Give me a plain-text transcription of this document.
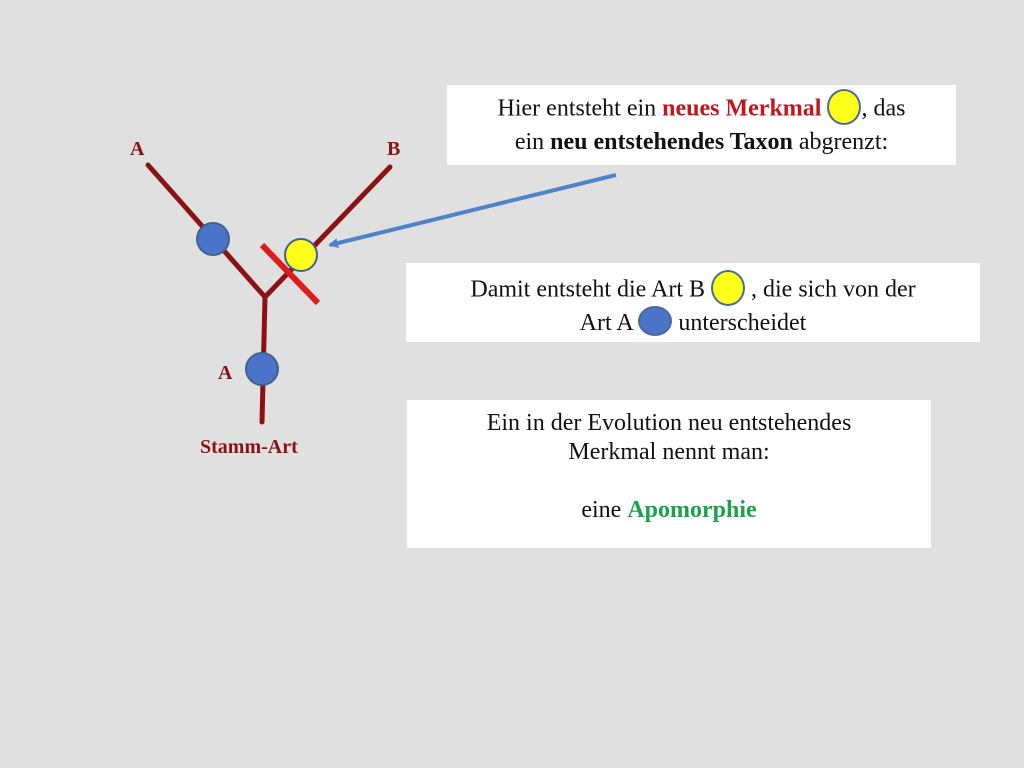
A	B
A
Stamm-Art
Hier entsteht ein neues Merkmal , das
ein neu entstehendes Taxon abgrenzt:
Damit entsteht die Art B , die sich von der
Art A unterscheidet
Ein in der Evolution neu entstehendes
Merkmal nennt man:
eine Apomorphie
